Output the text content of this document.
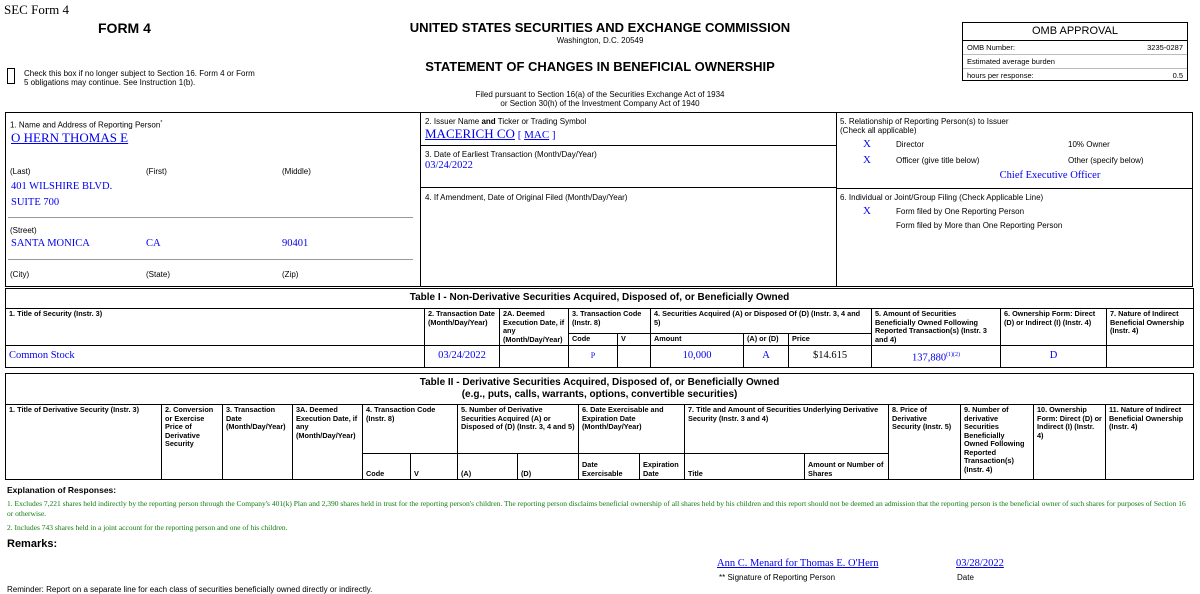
SEC Form 4
FORM 4	UNITED STATES SECURITIES AND EXCHANGE COMMISSION
Washington, D.C. 20549
STATEMENT OF CHANGES IN BENEFICIAL OWNERSHIP
Filed pursuant to Section 16(a) of the Securities Exchange Act of 1934
or Section 30(h) of the Investment Company Act of 1940
Check this box if no longer subject to Section 16. Form 4 or Form
5 obligations may continue. See Instruction 1(b).
OMB APPROVAL
OMB Number:	3235-0287
Estimated average burden
hours per response:	0.5
1. Name and Address of Reporting Person*
O HERN THOMAS E
(Last)	(First)	(Middle)
401 WILSHIRE BLVD.
SUITE 700
(Street)
SANTA MONICA	CA	90401
(City)	(State)	(Zip)
2. Issuer Name and Ticker or Trading Symbol
MACERICH CO [ MAC ]
3. Date of Earliest Transaction (Month/Day/Year)
03/24/2022
4. If Amendment, Date of Original Filed (Month/Day/Year)
5. Relationship of Reporting Person(s) to Issuer
(Check all applicable)
X	Director	10% Owner
X	Officer (give title below)	Other (specify below)
Chief Executive Officer
6. Individual or Joint/Group Filing (Check Applicable Line)
X	Form filed by One Reporting Person
Form filed by More than One Reporting Person
Table I - Non-Derivative Securities Acquired, Disposed of, or Beneficially Owned										
1. Title of Security (Instr. 3)	2. Transaction Date (Month/Day/Year)	2A. Deemed Execution Date, if any (Month/Day/Year)	3. Transaction Code (Instr. 8)		4. Securities Acquired (A) or Disposed Of (D) (Instr. 3, 4 and 5)			5. Amount of Securities Beneficially Owned Following Reported Transaction(s) (Instr. 3 and 4)	6. Ownership Form: Direct (D) or Indirect (I) (Instr. 4)	7. Nature of Indirect Beneficial Ownership (Instr. 4)
			Code	V	Amount	(A) or (D)	Price			
Common Stock	03/24/2022		P		10,000	A	$14.615	$137,880^{(1)(2)}$	D	
Table II - Derivative Securities Acquired, Disposed of, or Beneficially Owned
(e.g., puts, calls, warrants, options, convertible securities)															

1. Title of Derivative Security (Instr. 3)	2. Conversion or Exercise Price of Derivative Security	3. Transaction Date (Month/Day/Year)	3A. Deemed Execution Date, if any (Month/Day/Year)	4. Transaction Code (Instr. 8)		5. Number of Derivative Securities Acquired (A) or Disposed of (D) (Instr. 3, 4 and 5)		6. Date Exercisable and Expiration Date (Month/Day/Year)		7. Title and Amount of Securities Underlying Derivative Security (Instr. 3 and 4)		8. Price of Derivative Security (Instr. 5)	9. Number of derivative Securities Beneficially Owned Following Reported Transaction(s) (Instr. 4)	10. Ownership Form: Direct (D) or Indirect (I) (Instr. 4)	11. Nature of Indirect Beneficial Ownership (Instr. 4)
				Code	V	(A)	(D)	Date Exercisable	Expiration Date	Title	Amount or Number of Shares				
Explanation of Responses:
1. Excludes 7,221 shares held indirectly by the reporting person through the Company's 401(k) Plan and 2,390 shares held in trust for the reporting person's children. The reporting person disclaims beneficial ownership of all shares held by his children and this report should not be deemed an admission that the reporting person is the beneficial owner of such shares for purposes of Section 16 or otherwise.
2. Includes 743 shares held in a joint account for the reporting person and one of his children.
Remarks:
Ann C. Menard for Thomas E. O'Hern
** Signature of Reporting Person
03/28/2022
Date
Reminder: Report on a separate line for each class of securities beneficially owned directly or indirectly.
